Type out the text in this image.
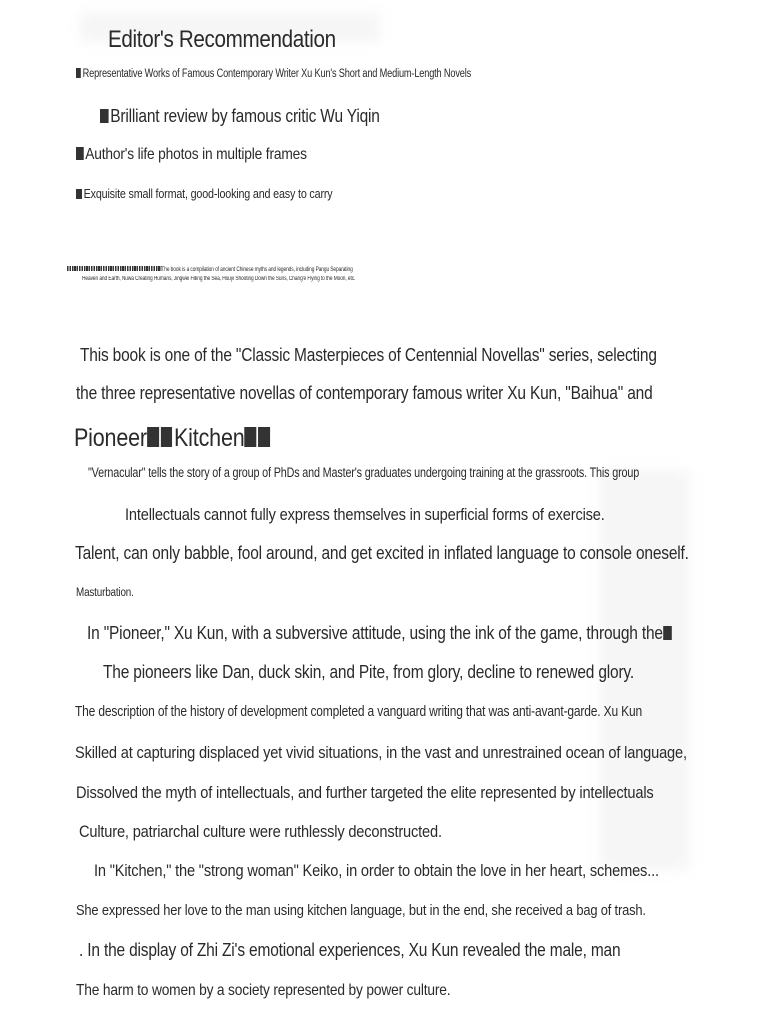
Editor's Recommendation
Representative Works of Famous Contemporary Writer Xu Kun's Short and Medium-Length Novels
Brilliant review by famous critic Wu Yiqin
Author's life photos in multiple frames
Exquisite small format, good-looking and easy to carry
The book is a compilation of ancient Chinese myths and legends, including Pangu Separating
Heaven and Earth, Nuwa Creating Humans, Jingwei Filling the Sea, Houyi Shooting Down the Suns, Chang'e Flying to the Moon, etc.
This book is one of the "Classic Masterpieces of Centennial Novellas" series, selecting
the three representative novellas of contemporary famous writer Xu Kun, "Baihua" and
Pioneer Kitchen
"Vernacular" tells the story of a group of PhDs and Master's graduates undergoing training at the grassroots. This group
Intellectuals cannot fully express themselves in superficial forms of exercise.
Talent, can only babble, fool around, and get excited in inflated language to console oneself.
Masturbation.
In "Pioneer," Xu Kun, with a subversive attitude, using the ink of the game, through the
The pioneers like Dan, duck skin, and Pite, from glory, decline to renewed glory.
The description of the history of development completed a vanguard writing that was anti-avant-garde. Xu Kun
Skilled at capturing displaced yet vivid situations, in the vast and unrestrained ocean of language,
Dissolved the myth of intellectuals, and further targeted the elite represented by intellectuals
Culture, patriarchal culture were ruthlessly deconstructed.
In "Kitchen," the "strong woman" Keiko, in order to obtain the love in her heart, schemes...
She expressed her love to the man using kitchen language, but in the end, she received a bag of trash.
. In the display of Zhi Zi's emotional experiences, Xu Kun revealed the male, man
The harm to women by a society represented by power culture.
